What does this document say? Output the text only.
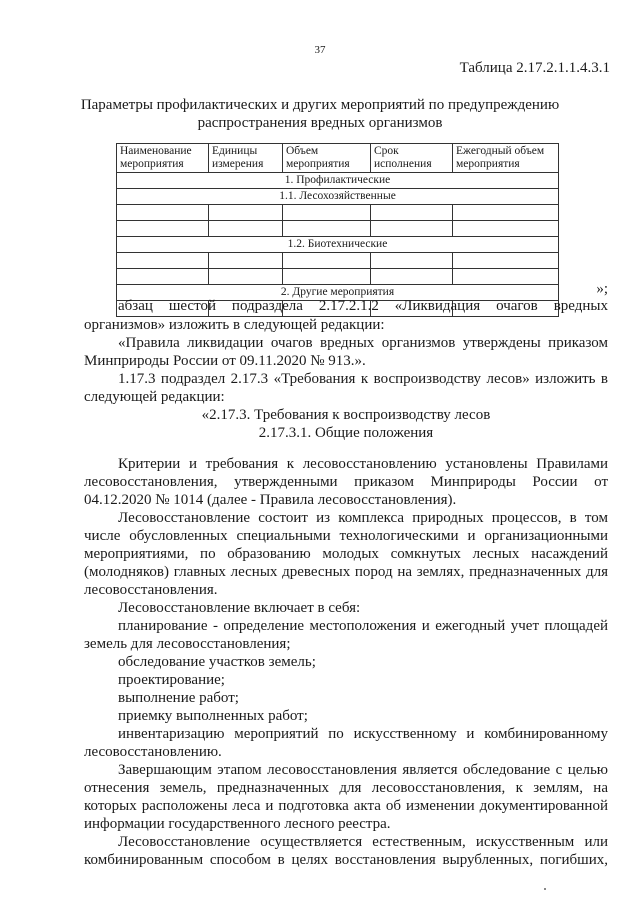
37
Таблица 2.17.2.1.1.4.3.1
Параметры профилактических и других мероприятий по предупреждению
распространения вредных организмов
Наименование мероприятия	Единицы измерения	Объем мероприятия	Срок исполнения	Ежегодный объем мероприятия
1. Профилактические				
1.1. Лесохозяйственные				

1.2. Биотехнические				

2. Другие мероприятия				
					»;
абзац шестой подраздела 2.17.2.1.2 «Ликвидация очагов вредных
организмов» изложить в следующей редакции:
«Правила ликвидации очагов вредных организмов утверждены приказом
Минприроды России от 09.11.2020 № 913.».
1.17.3 подраздел 2.17.3 «Требования к воспроизводству лесов» изложить в
следующей редакции:
«2.17.3. Требования к воспроизводству лесов
2.17.3.1. Общие положения
Критерии и требования к лесовосстановлению установлены Правилами
лесовосстановления, утвержденными приказом Минприроды России от
04.12.2020 № 1014 (далее - Правила лесовосстановления).
Лесовосстановление состоит из комплекса природных процессов, в том
числе обусловленных специальными технологическими и организационными
мероприятиями, по образованию молодых сомкнутых лесных насаждений
(молодняков) главных лесных древесных пород на землях, предназначенных для
лесовосстановления.
Лесовосстановление включает в себя:
планирование - определение местоположения и ежегодный учет площадей
земель для лесовосстановления;
обследование участков земель;
проектирование;
выполнение работ;
приемку выполненных работ;
инвентаризацию мероприятий по искусственному и комбинированному
лесовосстановлению.
Завершающим этапом лесовосстановления является обследование с целью
отнесения земель, предназначенных для лесовосстановления, к землям, на
которых расположены леса и подготовка акта об изменении документированной
информации государственного лесного реестра.
Лесовосстановление осуществляется естественным, искусственным или
комбинированным способом в целях восстановления вырубленных, погибших,
